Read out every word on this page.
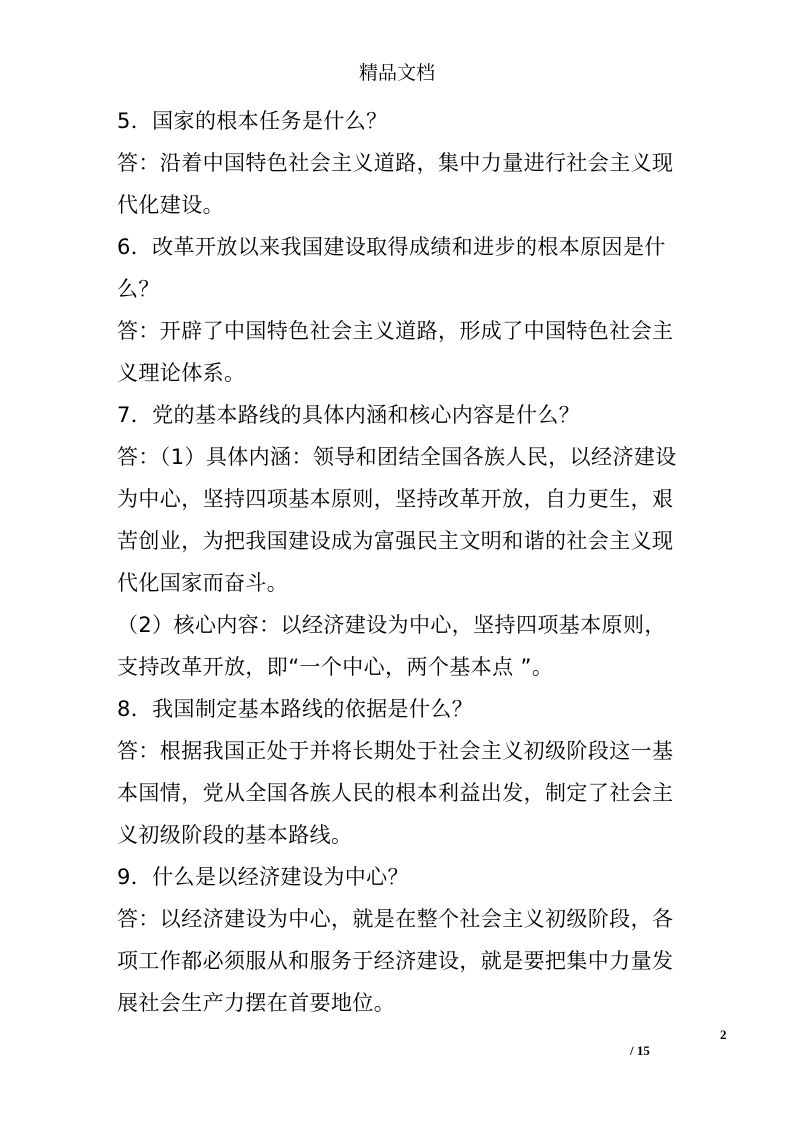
精品文档
5．国家的根本任务是什么？
答：沿着中国特色社会主义道路，集中力量进行社会主义现
代化建设。
6．改革开放以来我国建设取得成绩和进步的根本原因是什
么？
答：开辟了中国特色社会主义道路，形成了中国特色社会主
义理论体系。
7．党的基本路线的具体内涵和核心内容是什么？
答：（1）具体内涵：领导和团结全国各族人民，以经济建设
为中心，坚持四项基本原则，坚持改革开放，自力更生，艰
苦创业，为把我国建设成为富强民主文明和谐的社会主义现
代化国家而奋斗。
（2）核心内容：以经济建设为中心，坚持四项基本原则，
支持改革开放，即“一个中心，两个基本点 ”。
8．我国制定基本路线的依据是什么？
答：根据我国正处于并将长期处于社会主义初级阶段这一基
本国情，党从全国各族人民的根本利益出发，制定了社会主
义初级阶段的基本路线。
9．什么是以经济建设为中心？
答：以经济建设为中心，就是在整个社会主义初级阶段，各
项工作都必须服从和服务于经济建设，就是要把集中力量发
展社会生产力摆在首要地位。
2
/ 15
